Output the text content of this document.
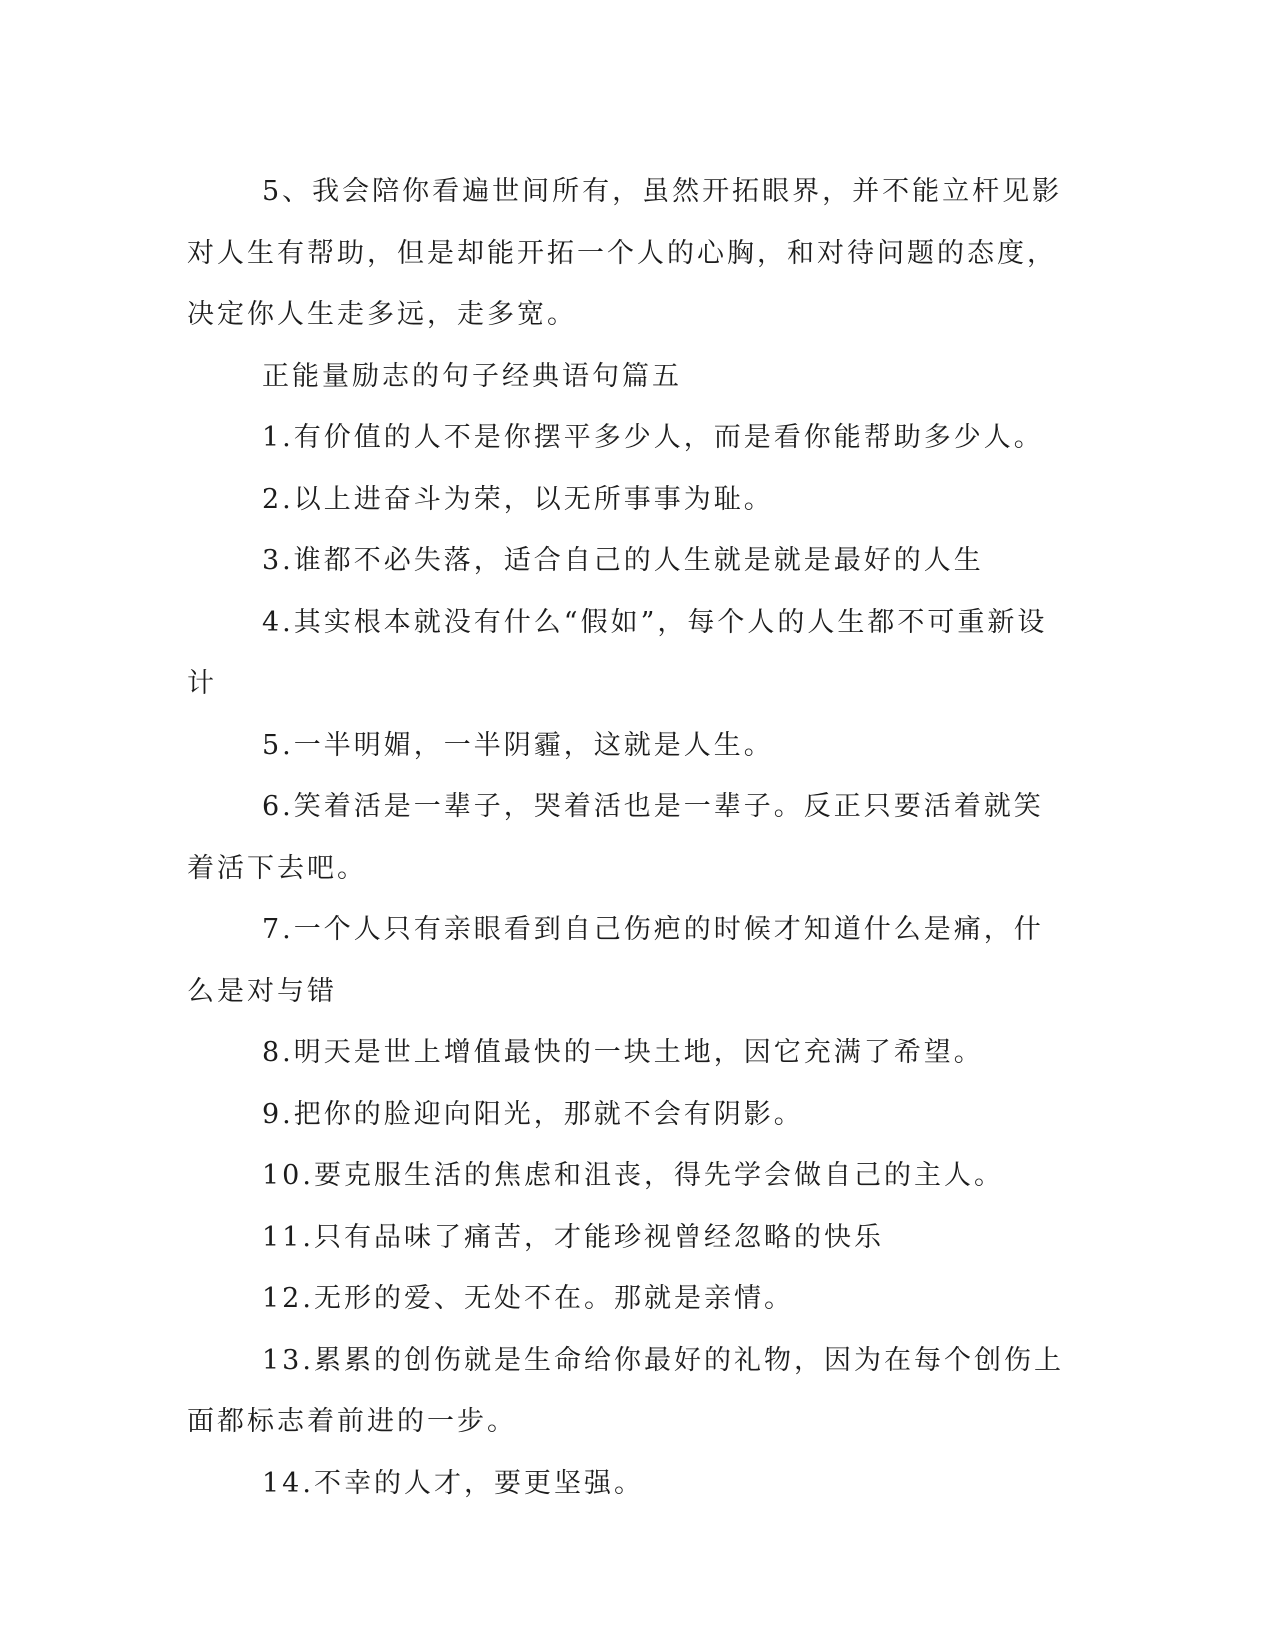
5、我会陪你看遍世间所有，虽然开拓眼界，并不能立杆见影对人生有帮助，但是却能开拓一个人的心胸，和对待问题的态度，决定你人生走多远，走多宽。

正能量励志的句子经典语句篇五

1.有价值的人不是你摆平多少人，而是看你能帮助多少人。

2.以上进奋斗为荣，以无所事事为耻。

3.谁都不必失落，适合自己的人生就是就是最好的人生

4.其实根本就没有什么“假如”，每个人的人生都不可重新设计

5.一半明媚，一半阴霾，这就是人生。

6.笑着活是一辈子，哭着活也是一辈子。反正只要活着就笑着活下去吧。

7.一个人只有亲眼看到自己伤疤的时候才知道什么是痛，什么是对与错

8.明天是世上增值最快的一块土地，因它充满了希望。

9.把你的脸迎向阳光，那就不会有阴影。

10.要克服生活的焦虑和沮丧，得先学会做自己的主人。

11.只有品味了痛苦，才能珍视曾经忽略的快乐

12.无形的爱、无处不在。那就是亲情。

13.累累的创伤就是生命给你最好的礼物，因为在每个创伤上面都标志着前进的一步。

14.不幸的人才，要更坚强。
